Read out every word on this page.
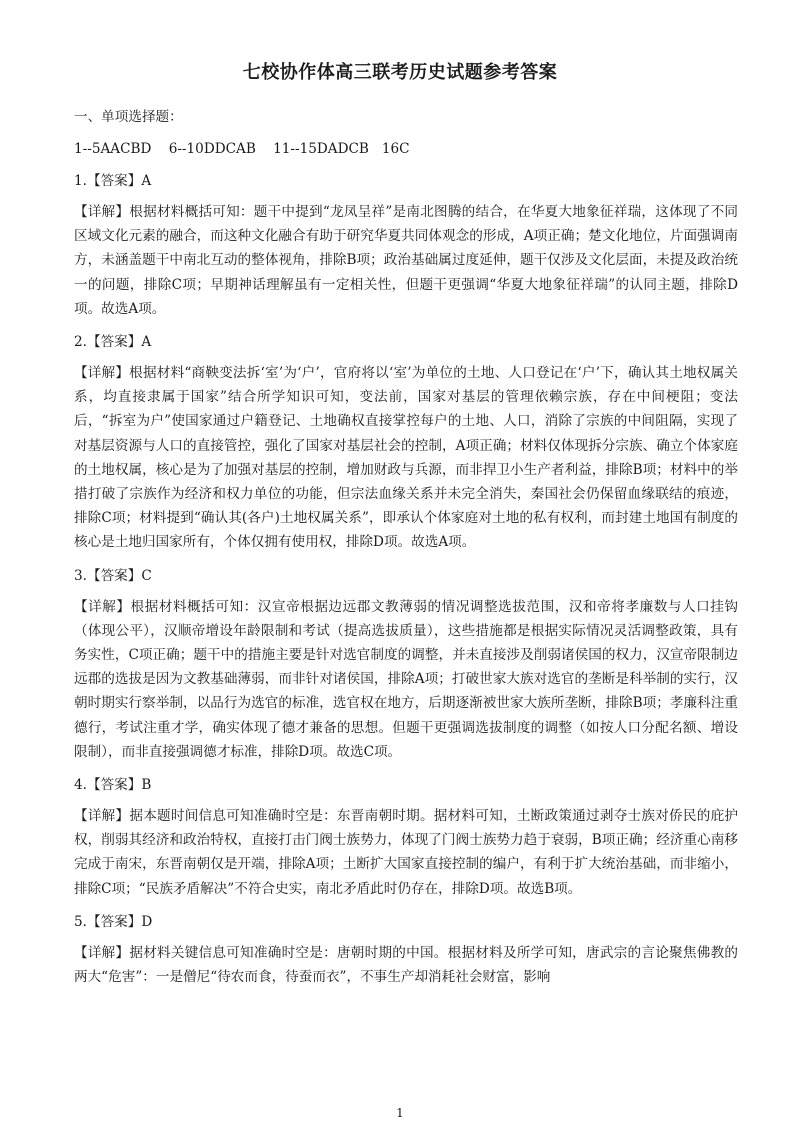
七校协作体高三联考历史试题参考答案
一、单项选择题：
1--5AACBD    6--10DDCAB    11--15DADCB   16C
1.【答案】A
【详解】根据材料概括可知：题干中提到“龙凤呈祥”是南北图腾的结合，在华夏大地象征祥瑞，这体现了不同区域文化元素的融合，而这种文化融合有助于研究华夏共同体观念的形成，A项正确；楚文化地位，片面强调南方，未涵盖题干中南北互动的整体视角，排除B项；政治基础属过度延伸，题干仅涉及文化层面，未提及政治统一的问题，排除C项；早期神话理解虽有一定相关性，但题干更强调“华夏大地象征祥瑞”的认同主题，排除D项。故选A项。
2.【答案】A
【详解】根据材料“商鞅变法拆‘室’为‘户’，官府将以‘室’为单位的土地、人口登记在‘户’下，确认其土地权属关系，均直接隶属于国家”结合所学知识可知，变法前，国家对基层的管理依赖宗族，存在中间梗阻；变法后，“拆室为户”使国家通过户籍登记、土地确权直接掌控每户的土地、人口，消除了宗族的中间阻隔，实现了对基层资源与人口的直接管控，强化了国家对基层社会的控制，A项正确；材料仅体现拆分宗族、确立个体家庭的土地权属，核心是为了加强对基层的控制，增加财政与兵源，而非捍卫小生产者利益，排除B项；材料中的举措打破了宗族作为经济和权力单位的功能，但宗法血缘关系并未完全消失，秦国社会仍保留血缘联结的痕迹，排除C项；材料提到“确认其(各户)土地权属关系”，即承认个体家庭对土地的私有权利，而封建土地国有制度的核心是土地归国家所有，个体仅拥有使用权，排除D项。故选A项。
3.【答案】C
【详解】根据材料概括可知：汉宣帝根据边远郡文教薄弱的情况调整选拔范围，汉和帝将孝廉数与人口挂钩（体现公平），汉顺帝增设年龄限制和考试（提高选拔质量），这些措施都是根据实际情况灵活调整政策，具有务实性，C项正确；题干中的措施主要是针对选官制度的调整，并未直接涉及削弱诸侯国的权力，汉宣帝限制边远郡的选拔是因为文教基础薄弱，而非针对诸侯国，排除A项；打破世家大族对选官的垄断是科举制的实行，汉朝时期实行察举制，以品行为选官的标准，选官权在地方，后期逐渐被世家大族所垄断，排除B项；孝廉科注重德行，考试注重才学，确实体现了德才兼备的思想。但题干更强调选拔制度的调整（如按人口分配名额、增设限制），而非直接强调德才标准，排除D项。故选C项。
4.【答案】B
【详解】据本题时间信息可知准确时空是：东晋南朝时期。据材料可知，土断政策通过剥夺士族对侨民的庇护权，削弱其经济和政治特权，直接打击门阀士族势力，体现了门阀士族势力趋于衰弱，B项正确；经济重心南移完成于南宋，东晋南朝仅是开端，排除A项；土断扩大国家直接控制的编户，有利于扩大统治基础，而非缩小，排除C项；“民族矛盾解决”不符合史实，南北矛盾此时仍存在，排除D项。故选B项。
5.【答案】D
【详解】据材料关键信息可知准确时空是：唐朝时期的中国。根据材料及所学可知，唐武宗的言论聚焦佛教的两大“危害”：一是僧尼“待农而食，待蚕而衣”，不事生产却消耗社会财富，影响
1
